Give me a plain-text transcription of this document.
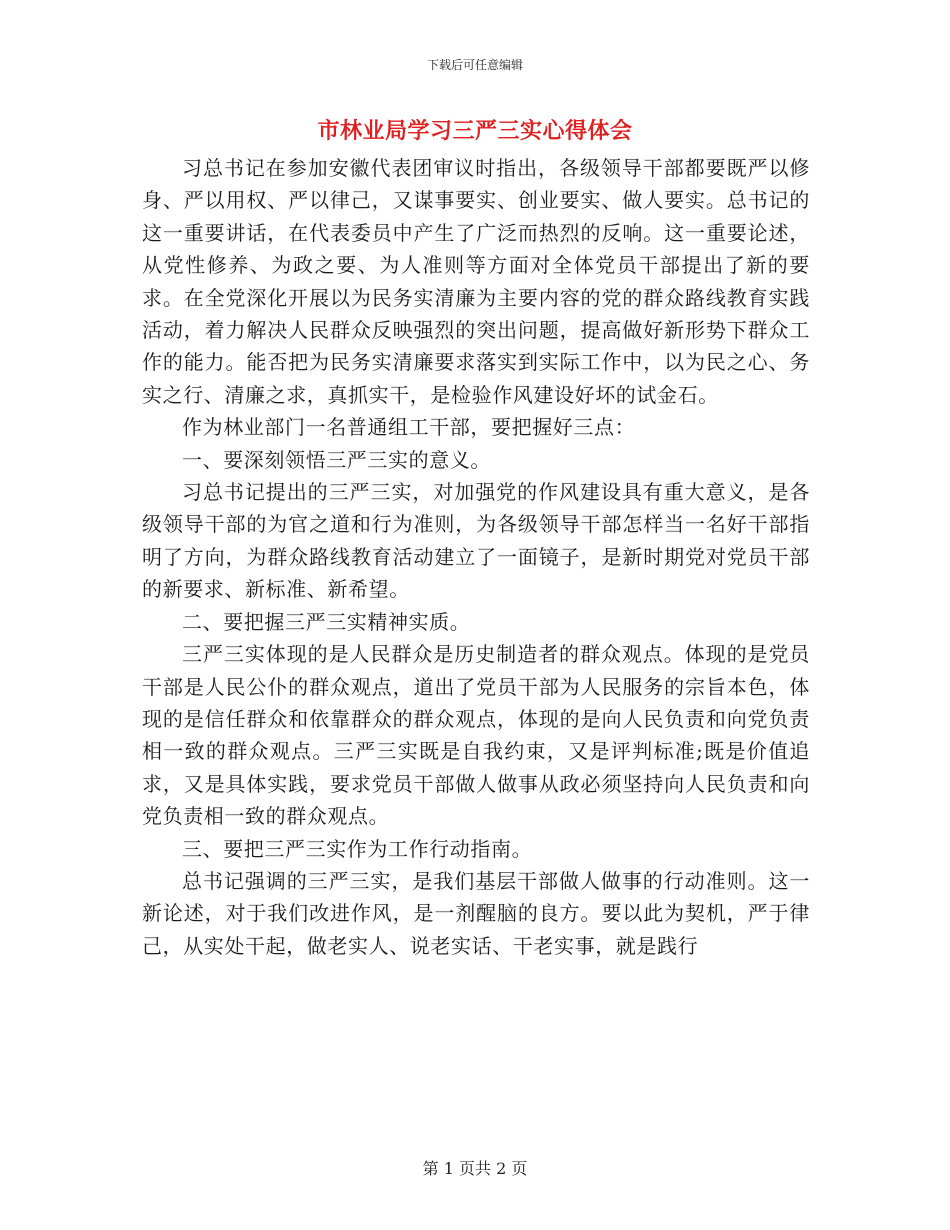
下载后可任意编辑
市林业局学习三严三实心得体会

习总书记在参加安徽代表团审议时指出，各级领导干部都要既严以修身、严以用权、严以律己，又谋事要实、创业要实、做人要实。总书记的这一重要讲话，在代表委员中产生了广泛而热烈的反响。这一重要论述，从党性修养、为政之要、为人准则等方面对全体党员干部提出了新的要求。在全党深化开展以为民务实清廉为主要内容的党的群众路线教育实践活动，着力解决人民群众反映强烈的突出问题，提高做好新形势下群众工作的能力。能否把为民务实清廉要求落实到实际工作中，以为民之心、务实之行、清廉之求，真抓实干，是检验作风建设好坏的试金石。

作为林业部门一名普通组工干部，要把握好三点：

一、要深刻领悟三严三实的意义。

习总书记提出的三严三实，对加强党的作风建设具有重大意义，是各级领导干部的为官之道和行为准则，为各级领导干部怎样当一名好干部指明了方向，为群众路线教育活动建立了一面镜子，是新时期党对党员干部的新要求、新标准、新希望。

二、要把握三严三实精神实质。

三严三实体现的是人民群众是历史制造者的群众观点。体现的是党员干部是人民公仆的群众观点，道出了党员干部为人民服务的宗旨本色，体现的是信任群众和依靠群众的群众观点，体现的是向人民负责和向党负责相一致的群众观点。三严三实既是自我约束，又是评判标准;既是价值追求，又是具体实践，要求党员干部做人做事从政必须坚持向人民负责和向党负责相一致的群众观点。

三、要把三严三实作为工作行动指南。

总书记强调的三严三实，是我们基层干部做人做事的行动准则。这一新论述，对于我们改进作风，是一剂醒脑的良方。要以此为契机，严于律己，从实处干起，做老实人、说老实话、干老实事，就是践行

第 1 页共 2 页
